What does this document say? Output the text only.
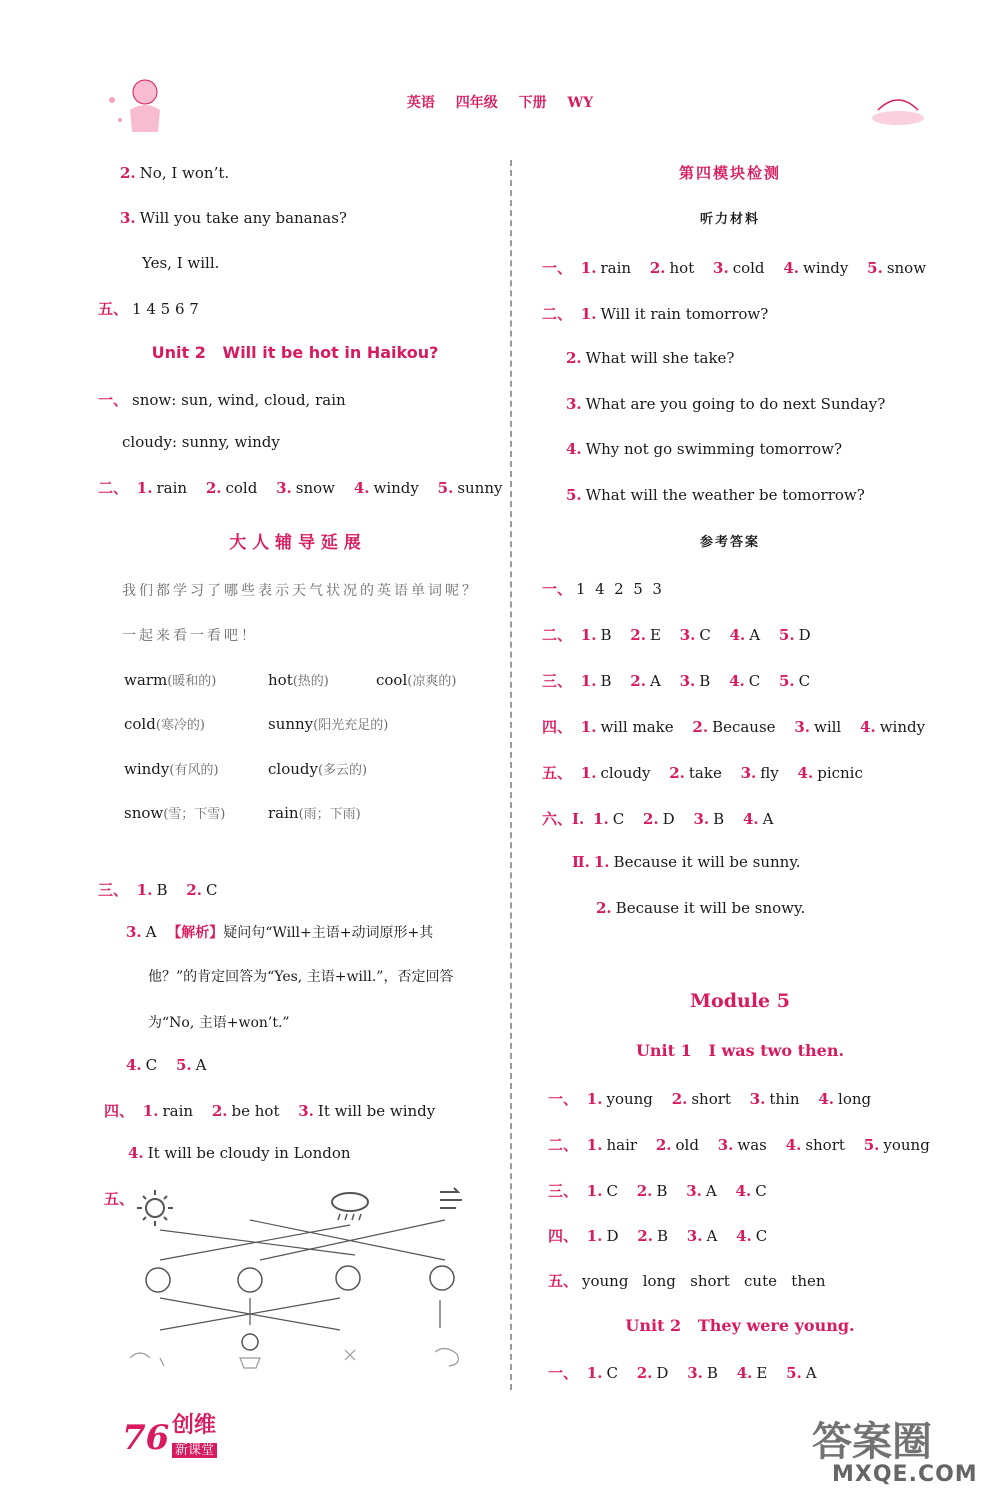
英语 四年级 下册 WY
2. No, I won’t.
3. Will you take any bananas?
Yes, I will.
五、 1 4 5 6 7
Unit 2   Will it be hot in Haikou?
一、 snow: sun, wind, cloud, rain
cloudy: sunny, windy
二、 1. rain 2. cold 3. snow 4. windy 5. sunny
大 人 辅 导 延 展
我们都学习了哪些表示天气状况的英语单词呢？
一起来看一看吧！
warm(暖和的)	hot(热的)	cool(凉爽的)
cold(寒冷的)	sunny(阳光充足的)
windy(有风的)	cloudy(多云的)
snow(雪；下雪)	rain(雨；下雨)
三、 1. B 2. C
3. A 【解析】疑问句“Will+主语+动词原形+其
他？”的肯定回答为“Yes, 主语+will.”，否定回答
为“No, 主语+won’t.”
4. C 5. A
四、 1. rain 2. be hot 3. It will be windy
4. It will be cloudy in London
五、
第四模块检测
听力材料
一、 1. rain 2. hot 3. cold 4. windy 5. snow
二、 1. Will it rain tomorrow?
2. What will she take?
3. What are you going to do next Sunday?
4. Why not go swimming tomorrow?
5. What will the weather be tomorrow?
参考答案
一、 1  4  2  5  3
二、 1. B 2. E 3. C 4. A 5. D
三、 1. B 2. A 3. B 4. C 5. C
四、 1. will make 2. Because 3. will 4. windy
五、 1. cloudy 2. take 3. fly 4. picnic
六、Ⅰ. 1. C 2. D 3. B 4. A
Ⅱ. 1. Because it will be sunny.
2. Because it will be snowy.
Module 5
Unit 1   I was two then.
一、 1. young 2. short 3. thin 4. long
二、 1. hair 2. old 3. was 4. short 5. young
三、 1. C 2. B 3. A 4. C
四、 1. D 2. B 3. A 4. C
五、 young   long   short   cute   then
Unit 2   They were young.
一、 1. C 2. D 3. B 4. E 5. A
76 创维
新课堂	答案圈
MXQE.COM
